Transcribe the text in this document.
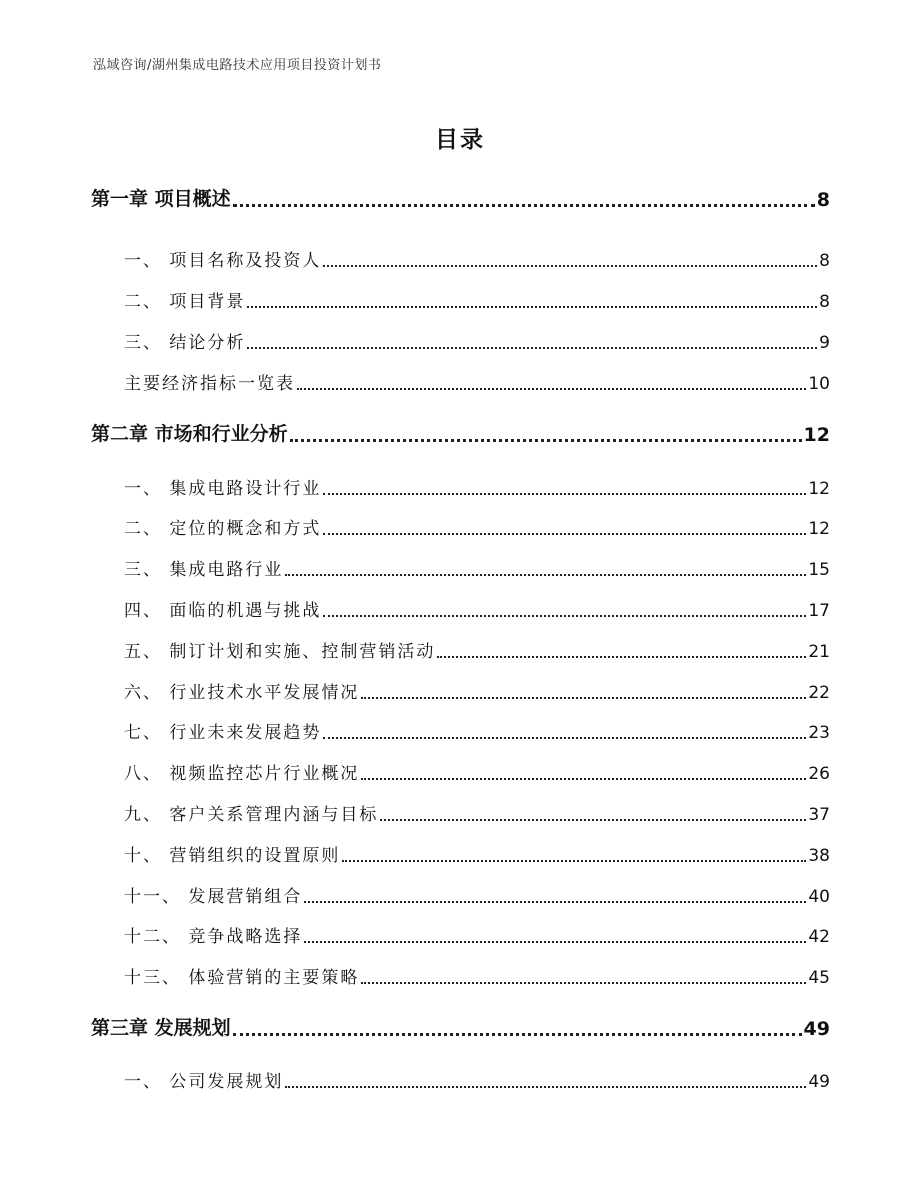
泓域咨询/湖州集成电路技术应用项目投资计划书
目录
第一章 项目概述	8
一、 项目名称及投资人	8
二、 项目背景	8
三、 结论分析	9
主要经济指标一览表	10
第二章 市场和行业分析	12
一、 集成电路设计行业	12
二、 定位的概念和方式	12
三、 集成电路行业	15
四、 面临的机遇与挑战	17
五、 制订计划和实施、控制营销活动	21
六、 行业技术水平发展情况	22
七、 行业未来发展趋势	23
八、 视频监控芯片行业概况	26
九、 客户关系管理内涵与目标	37
十、 营销组织的设置原则	38
十一、 发展营销组合	40
十二、 竞争战略选择	42
十三、 体验营销的主要策略	45
第三章 发展规划	49
一、 公司发展规划	49
